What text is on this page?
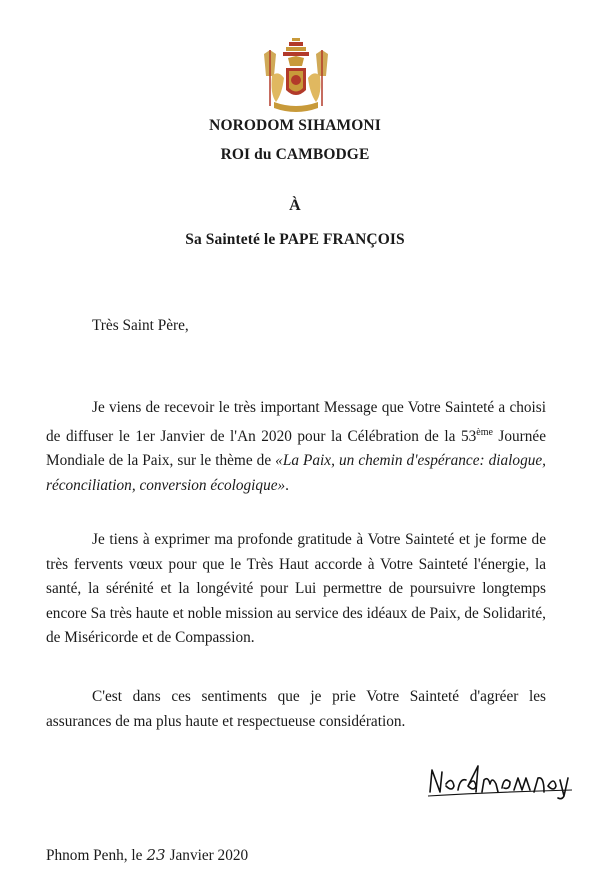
NORODOM SIHAMONI
ROI du CAMBODGE
À
Sa Sainteté le PAPE FRANÇOIS
Très Saint Père,
Je viens de recevoir le très important Message que Votre Sainteté a choisi de diffuser le 1er Janvier de l'An 2020 pour la Célébration de la 53ème Journée Mondiale de la Paix, sur le thème de «La Paix, un chemin d'espérance: dialogue, réconciliation, conversion écologique».
Je tiens à exprimer ma profonde gratitude à Votre Sainteté et je forme de très fervents vœux pour que le Très Haut accorde à Votre Sainteté l'énergie, la santé, la sérénité et la longévité pour Lui permettre de poursuivre longtemps encore Sa très haute et noble mission au service des idéaux de Paix, de Solidarité, de Miséricorde et de Compassion.
C'est dans ces sentiments que je prie Votre Sainteté d'agréer les assurances de ma plus haute et respectueuse considération.
Phnom Penh, le 23 Janvier 2020
